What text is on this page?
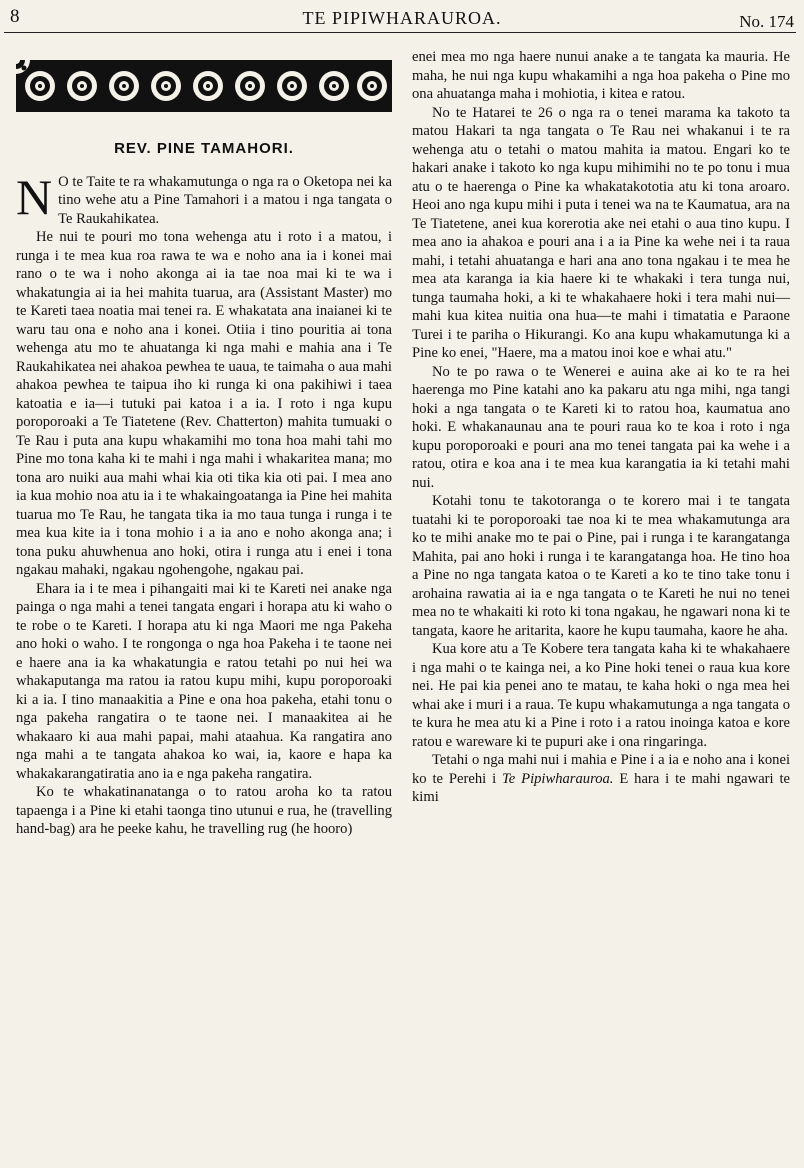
8	TE PIPIWHARAUROA.	No. 174
REV. PINE TAMAHORI.

N O te Taite te ra whakamutunga o nga ra o Oketopa nei ka tino wehe atu a Pine Tamahori i a matou i nga tangata o Te Raukahikatea.

He nui te pouri mo tona wehenga atu i roto i a matou, i runga i te mea kua roa rawa te wa e noho ana ia i konei mai rano o te wa i noho akonga ai ia tae noa mai ki te wa i whakatungia ai ia hei mahita tuarua, ara (Assistant Master) mo te Kareti taea noatia mai tenei ra. E whakatata ana inaianei ki te waru tau ona e noho ana i konei. Otiia i tino pouritia ai tona wehenga atu mo te ahuatanga ki nga mahi e mahia ana i Te Raukahikatea nei ahakoa pewhea te uaua, te taimaha o aua mahi ahakoa pewhea te taipua iho ki runga ki ona pakihiwi i taea katoatia e ia—i tutuki pai katoa i a ia. I roto i nga kupu poroporoaki a Te Tiatetene (Rev. Chatterton) mahita tumuaki o Te Rau i puta ana kupu whakamihi mo tona hoa mahi tahi mo Pine mo tona kaha ki te mahi i nga mahi i whakaritea mana; mo tona aro nuiki aua mahi whai kia oti tika kia oti pai. I mea ano ia kua mohio noa atu ia i te whakaingoatanga ia Pine hei mahita tuarua mo Te Rau, he tangata tika ia mo taua tunga i runga i te mea kua kite ia i tona mohio i a ia ano e noho akonga ana; i tona puku ahuwhenua ano hoki, otira i runga atu i enei i tona ngakau mahaki, ngakau ngohengohe, ngakau pai.

Ehara ia i te mea i pihangaiti mai ki te Kareti nei anake nga painga o nga mahi a tenei tangata engari i horapa atu ki waho o te robe o te Kareti. I horapa atu ki nga Maori me nga Pakeha ano hoki o waho. I te rongonga o nga hoa Pakeha i te taone nei e haere ana ia ka whakatungia e ratou tetahi po nui hei wa whakaputanga ma ratou ia ratou kupu mihi, kupu poroporoaki ki a ia. I tino manaakitia a Pine e ona hoa pakeha, etahi tonu o nga pakeha rangatira o te taone nei. I manaakitea ai he whakaaro ki aua mahi papai, mahi ataahua. Ka rangatira ano nga mahi a te tangata ahakoa ko wai, ia, kaore e hapa ka whakakarangatiratia ano ia e nga pakeha rangatira.

Ko te whakatinanatanga o to ratou aroha ko ta ratou tapaenga i a Pine ki etahi taonga tino utunui e rua, he (travelling hand-bag) ara he peeke kahu, he travelling rug (he hooro)

enei mea mo nga haere nunui anake a te tangata ka mauria. He maha, he nui nga kupu whakamihi a nga hoa pakeha o Pine mo ona ahuatanga maha i mohiotia, i kitea e ratou.

No te Hatarei te 26 o nga ra o tenei marama ka takoto ta matou Hakari ta nga tangata o Te Rau nei whakanui i te ra wehenga atu o tetahi o matou mahita ia matou. Engari ko te hakari anake i takoto ko nga kupu mihimihi no te po tonu i mua atu o te haerenga o Pine ka whakatakototia atu ki tona aroaro. Heoi ano nga kupu mihi i puta i tenei wa na te Kaumatua, ara na Te Tiatetene, anei kua korerotia ake nei etahi o aua tino kupu. I mea ano ia ahakoa e pouri ana i a ia Pine ka wehe nei i ta raua mahi, i tetahi ahuatanga e hari ana ano tona ngakau i te mea he mea ata karanga ia kia haere ki te whakaki i tera tunga nui, tunga taumaha hoki, a ki te whakahaere hoki i tera mahi nui—mahi kua kitea nuitia ona hua—te mahi i timatatia e Paraone Turei i te pariha o Hikurangi. Ko ana kupu whakamutunga ki a Pine ko enei, "Haere, ma a matou inoi koe e whai atu."

No te po rawa o te Wenerei e auina ake ai ko te ra hei haerenga mo Pine katahi ano ka pakaru atu nga mihi, nga tangi hoki a nga tangata o te Kareti ki to ratou hoa, kaumatua ano hoki. E whakanaunau ana te pouri raua ko te koa i roto i nga kupu poroporoaki e pouri ana mo tenei tangata pai ka wehe i a ratou, otira e koa ana i te mea kua karangatia ia ki tetahi mahi nui.

Kotahi tonu te takotoranga o te korero mai i te tangata tuatahi ki te poroporoaki tae noa ki te mea whakamutunga ara ko te mihi anake mo te pai o Pine, pai i runga i te karangatanga Mahita, pai ano hoki i runga i te karangatanga hoa. He tino hoa a Pine no nga tangata katoa o te Kareti a ko te tino take tonu i arohaina rawatia ai ia e nga tangata o te Kareti he nui no tenei mea no te whakaiti ki roto ki tona ngakau, he ngawari nona ki te tangata, kaore he aritarita, kaore he kupu taumaha, kaore he aha.

Kua kore atu a Te Kobere tera tangata kaha ki te whakahaere i nga mahi o te kainga nei, a ko Pine hoki tenei o raua kua kore nei. He pai kia penei ano te matau, te kaha hoki o nga mea hei whai ake i muri i a raua. Te kupu whakamutunga a nga tangata o te kura he mea atu ki a Pine i roto i a ratou inoinga katoa e kore ratou e wareware ki te pupuri ake i ona ringaringa.

Tetahi o nga mahi nui i mahia e Pine i a ia e noho ana i konei ko te Perehi i Te Pipiwharauroa. E hara i te mahi ngawari te kimi
